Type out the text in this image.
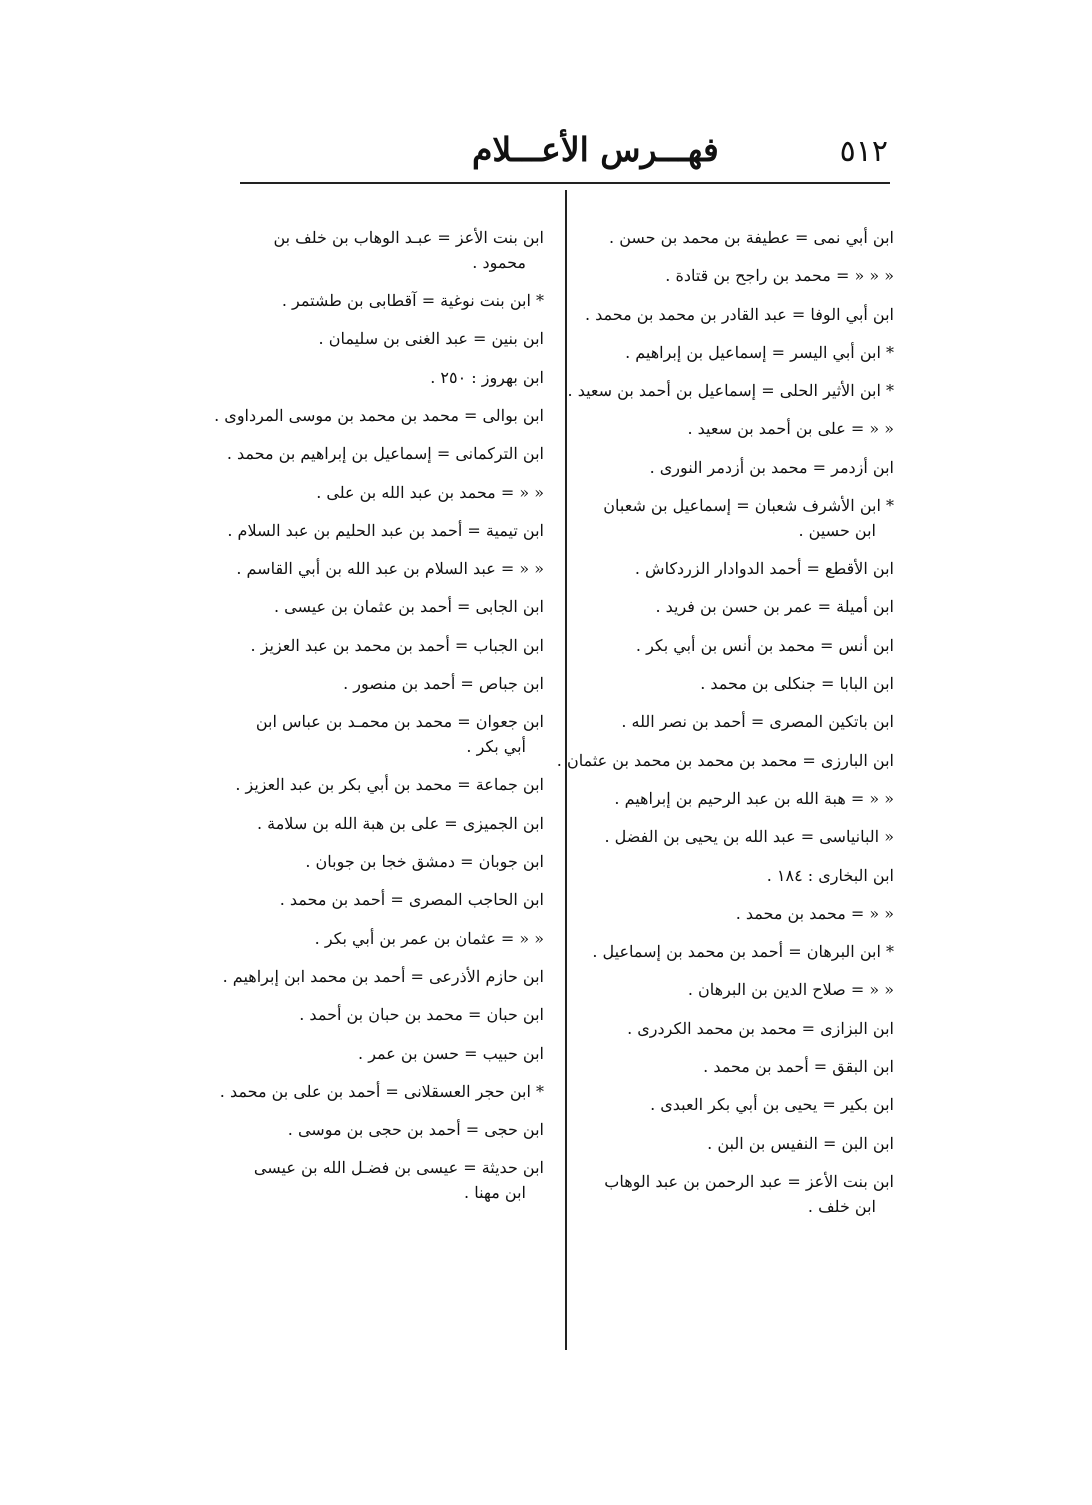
٥١٢
فهـــرس الأعـــلام
ابن أبي نمى = عطيفة بن محمد بن حسن .
« « « = محمد بن راجح بن قتادة .
ابن أبي الوفا = عبد القادر بن محمد بن محمد .
* ابن أبي اليسر = إسماعيل بن إبراهيم .
* ابن الأثير الحلى = إسماعيل بن أحمد بن سعيد .
« « = على بن أحمد بن سعيد .
ابن أزدمر = محمد بن أزدمر النورى .
* ابن الأشرف شعبان = إسماعيل بن شعبان
ابن حسين .
ابن الأقطع = أحمد الدوادار الزردكاش .
ابن أميلة = عمر بن حسن بن فريد .
ابن أنس = محمد بن أنس بن أبي بكر .
ابن البابا = جنكلى بن محمد .
ابن باتكين المصرى = أحمد بن نصر الله .
ابن البارزى = محمد بن محمد بن محمد بن عثمان .
« « = هبة الله بن عبد الرحيم بن إبراهيم .
« البانياسى = عبد الله بن يحيى بن الفضل .
ابن البخارى : ١٨٤ .
« « = محمد بن محمد .
* ابن البرهان = أحمد بن محمد بن إسماعيل .
« « = صلاح الدين بن البرهان .
ابن البزازى = محمد بن محمد الكردرى .
ابن البقق = أحمد بن محمد .
ابن بكير = يحيى بن أبي بكر العبدى .
ابن البن = النفيس بن البن .
ابن بنت الأعز = عبد الرحمن بن عبد الوهاب
ابن خلف .
ابن بنت الأعز = عبـد الوهاب بن خلف بن
محمود .
* ابن بنت نوغية = آقطابى بن طشتمر .
ابن بنين = عبد الغنى بن سليمان .
ابن بهروز : ٢٥٠ .
ابن بوالى = محمد بن محمد بن موسى المرداوى .
ابن التركمانى = إسماعيل بن إبراهيم بن محمد .
« « = محمد بن عبد الله بن على .
ابن تيمية = أحمد بن عبد الحليم بن عبد السلام .
« « = عبد السلام بن عبد الله بن أبي القاسم .
ابن الجابى = أحمد بن عثمان بن عيسى .
ابن الجباب = أحمد بن محمد بن عبد العزيز .
ابن جباص = أحمد بن منصور .
ابن جعوان = محمد بن محمـد بن عباس ابن
أبي بكر .
ابن جماعة = محمد بن أبي بكر بن عبد العزيز .
ابن الجميزى = على بن هبة الله بن سلامة .
ابن جوبان = دمشق خجا بن جوبان .
ابن الحاجب المصرى = أحمد بن محمد .
« « = عثمان بن عمر بن أبي بكر .
ابن حازم الأذرعى = أحمد بن محمد ابن إبراهيم .
ابن حبان = محمد بن حبان بن أحمد .
ابن حبيب = حسن بن عمر .
* ابن حجر العسقلانى = أحمد بن على بن محمد .
ابن حجى = أحمد بن حجى بن موسى .
ابن حديثة = عيسى بن فضـل الله بن عيسى
ابن مهنا .
